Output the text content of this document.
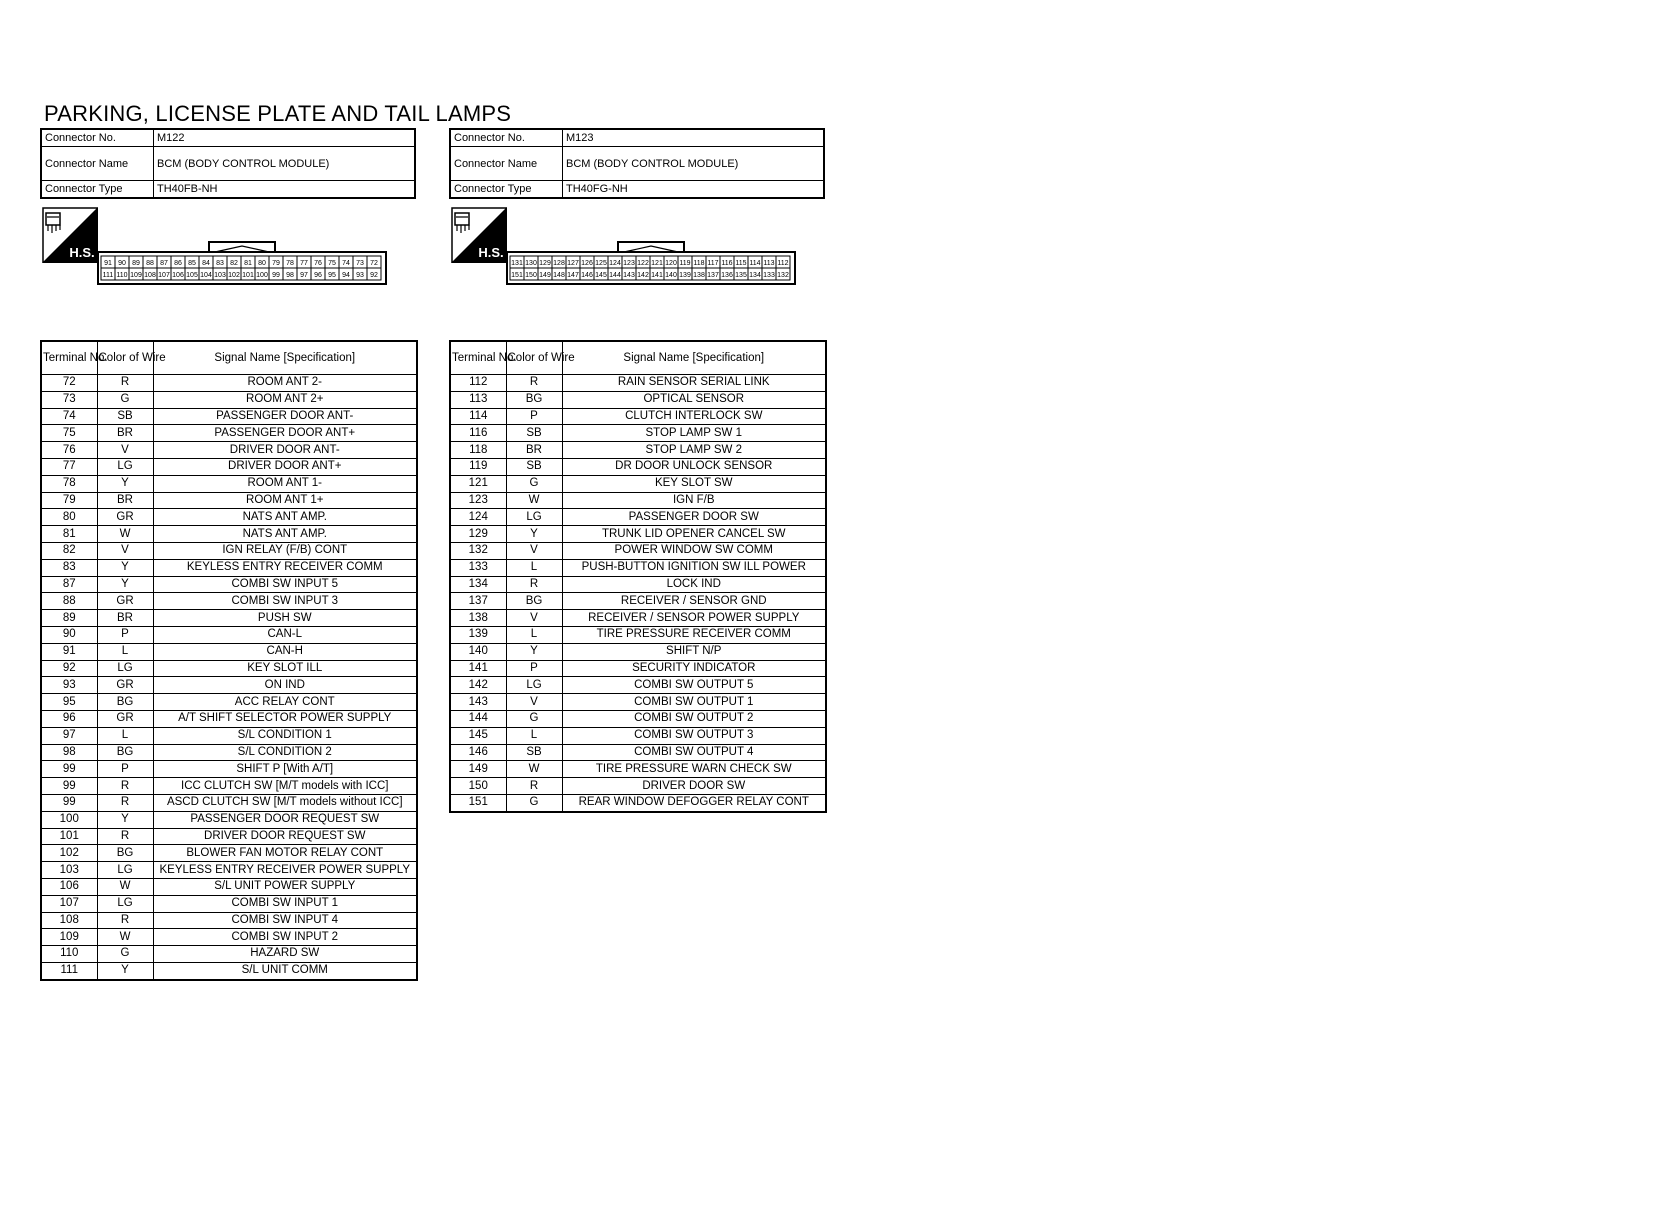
PARKING, LICENSE PLATE AND TAIL LAMPS
Connector No.	M122
Connector Name	BCM (BODY CONTROL MODULE)
Connector Type	TH40FB-NH
H.S.
91 90 89 88 87 86 85 84 83 82 81 80 79 78 77 76 75 74 73 72
111 110 109 108 107 106 105 104 103 102 101 100 99 98 97 96 95 94 93 92
Connector No.	M123
Connector Name	BCM (BODY CONTROL MODULE)
Connector Type	TH40FG-NH
H.S.
131 130 129 128 127 126 125 124 123 122 121 120 119 118 117 116 115 114 113 112
151 150 149 148 147 146 145 144 143 142 141 140 139 138 137 136 135 134 133 132
Terminal No.	Color of Wire	Signal Name [Specification]
72	R	ROOM ANT 2-
73	G	ROOM ANT 2+
74	SB	PASSENGER DOOR ANT-
75	BR	PASSENGER DOOR ANT+
76	V	DRIVER DOOR ANT-
77	LG	DRIVER DOOR ANT+
78	Y	ROOM ANT 1-
79	BR	ROOM ANT 1+
80	GR	NATS ANT AMP.
81	W	NATS ANT AMP.
82	V	IGN RELAY (F/B) CONT
83	Y	KEYLESS ENTRY RECEIVER COMM
87	Y	COMBI SW INPUT 5
88	GR	COMBI SW INPUT 3
89	BR	PUSH SW
90	P	CAN-L
91	L	CAN-H
92	LG	KEY SLOT ILL
93	GR	ON IND
95	BG	ACC RELAY CONT
96	GR	A/T SHIFT SELECTOR POWER SUPPLY
97	L	S/L CONDITION 1
98	BG	S/L CONDITION 2
99	P	SHIFT P [With A/T]
99	R	ICC CLUTCH SW [M/T models with ICC]
99	R	ASCD CLUTCH SW [M/T models without ICC]
100	Y	PASSENGER DOOR REQUEST SW
101	R	DRIVER DOOR REQUEST SW
102	BG	BLOWER FAN MOTOR RELAY CONT
103	LG	KEYLESS ENTRY RECEIVER POWER SUPPLY
106	W	S/L UNIT POWER SUPPLY
107	LG	COMBI SW INPUT 1
108	R	COMBI SW INPUT 4
109	W	COMBI SW INPUT 2
110	G	HAZARD SW
111	Y	S/L UNIT COMM
Terminal No.	Color of Wire	Signal Name [Specification]
112	R	RAIN SENSOR SERIAL LINK
113	BG	OPTICAL SENSOR
114	P	CLUTCH INTERLOCK SW
116	SB	STOP LAMP SW 1
118	BR	STOP LAMP SW 2
119	SB	DR DOOR UNLOCK SENSOR
121	G	KEY SLOT SW
123	W	IGN F/B
124	LG	PASSENGER DOOR SW
129	Y	TRUNK LID OPENER CANCEL SW
132	V	POWER WINDOW SW COMM
133	L	PUSH-BUTTON IGNITION SW ILL POWER
134	R	LOCK IND
137	BG	RECEIVER / SENSOR GND
138	V	RECEIVER / SENSOR POWER SUPPLY
139	L	TIRE PRESSURE RECEIVER COMM
140	Y	SHIFT N/P
141	P	SECURITY INDICATOR
142	LG	COMBI SW OUTPUT 5
143	V	COMBI SW OUTPUT 1
144	G	COMBI SW OUTPUT 2
145	L	COMBI SW OUTPUT 3
146	SB	COMBI SW OUTPUT 4
149	W	TIRE PRESSURE WARN CHECK SW
150	R	DRIVER DOOR SW
151	G	REAR WINDOW DEFOGGER RELAY CONT
